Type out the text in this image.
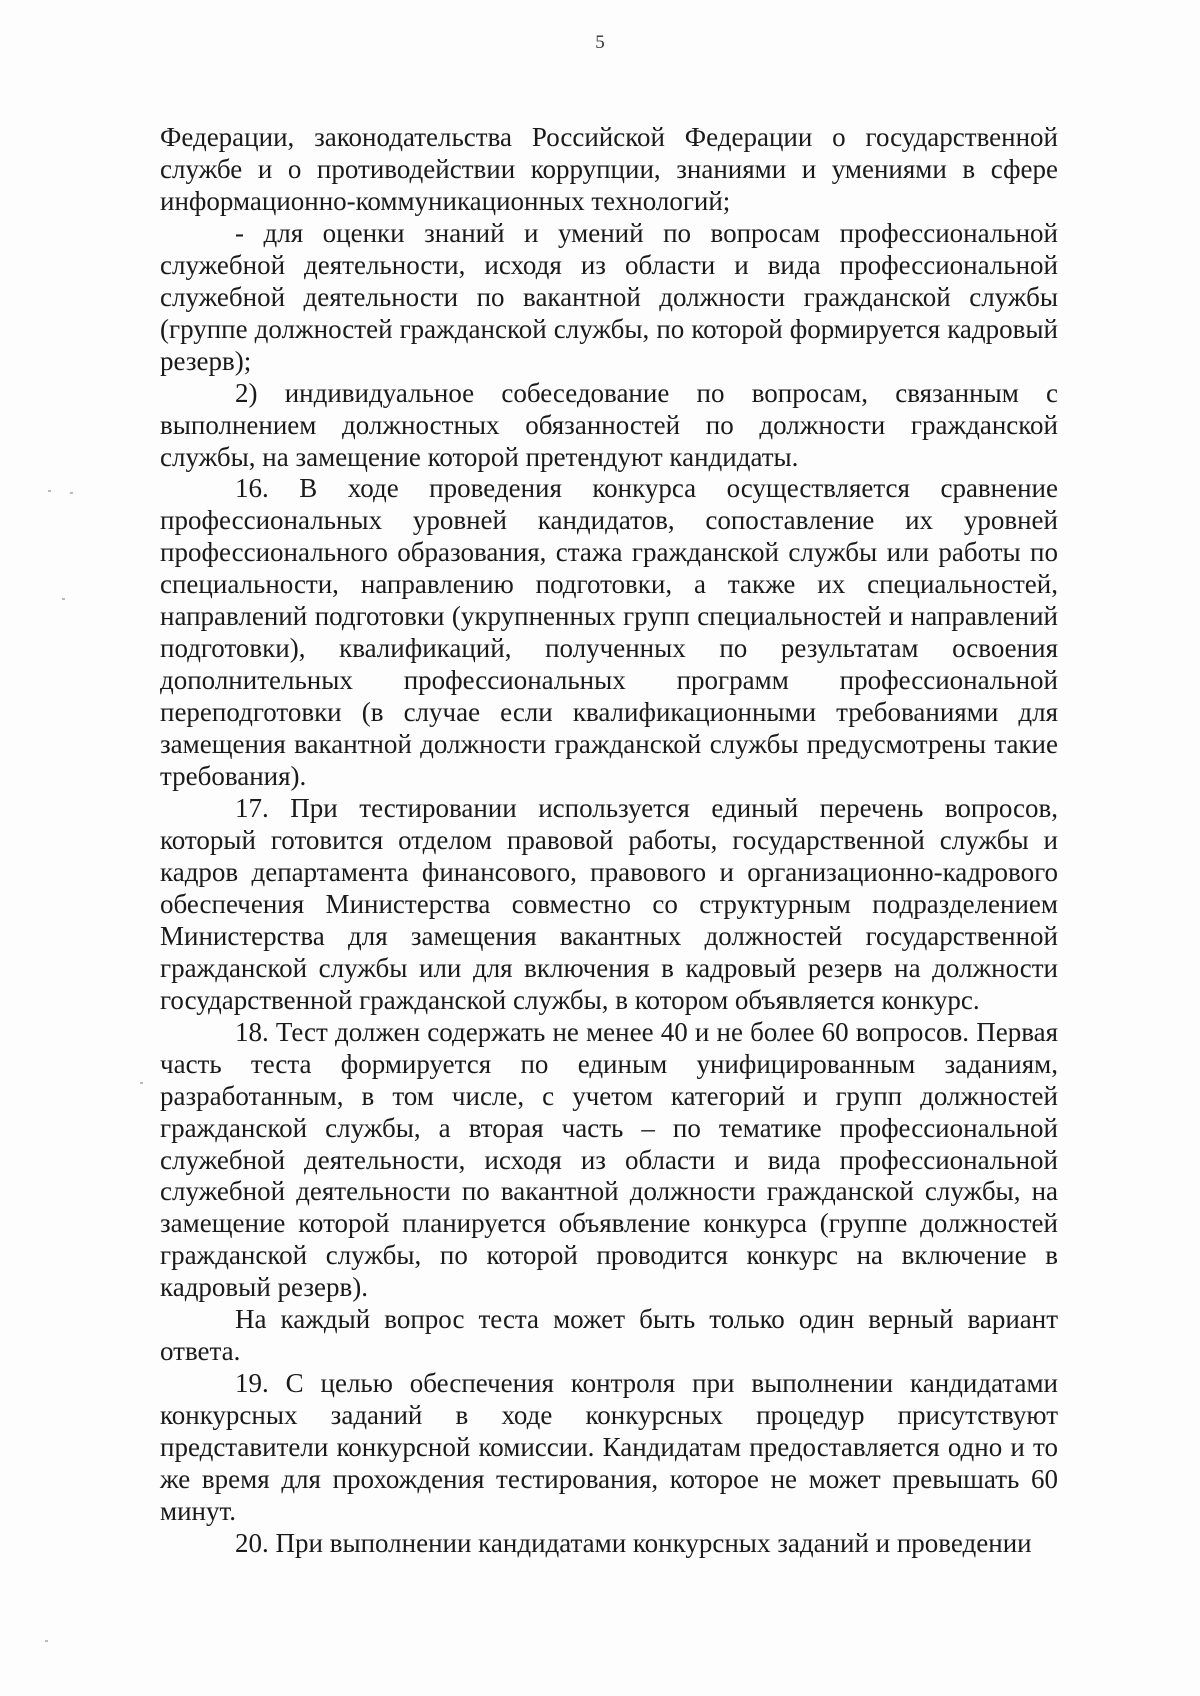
5

Федерации, законодательства Российской Федерации о государственной службе и о противодействии коррупции, знаниями и умениями в сфере информационно-коммуникационных технологий;

- для оценки знаний и умений по вопросам профессиональной служебной деятельности, исходя из области и вида профессиональной служебной деятельности по вакантной должности гражданской службы (группе должностей гражданской службы, по которой формируется кадровый резерв);

2) индивидуальное собеседование по вопросам, связанным с выполнением должностных обязанностей по должности гражданской службы, на замещение которой претендуют кандидаты.

16. В ходе проведения конкурса осуществляется сравнение профессиональных уровней кандидатов, сопоставление их уровней профессионального образования, стажа гражданской службы или работы по специальности, направлению подготовки, а также их специальностей, направлений подготовки (укрупненных групп специальностей и направлений подготовки), квалификаций, полученных по результатам освоения дополнительных профессиональных программ профессиональной переподготовки (в случае если квалификационными требованиями для замещения вакантной должности гражданской службы предусмотрены такие требования).

17. При тестировании используется единый перечень вопросов, который готовится отделом правовой работы, государственной службы и кадров департамента финансового, правового и организационно-кадрового обеспечения Министерства совместно со структурным подразделением Министерства для замещения вакантных должностей государственной гражданской службы или для включения в кадровый резерв на должности государственной гражданской службы, в котором объявляется конкурс.

18. Тест должен содержать не менее 40 и не более 60 вопросов. Первая часть теста формируется по единым унифицированным заданиям, разработанным, в том числе, с учетом категорий и групп должностей гражданской службы, а вторая часть – по тематике профессиональной служебной деятельности, исходя из области и вида профессиональной служебной деятельности по вакантной должности гражданской службы, на замещение которой планируется объявление конкурса (группе должностей гражданской службы, по которой проводится конкурс на включение в кадровый резерв).

На каждый вопрос теста может быть только один верный вариант ответа.

19. С целью обеспечения контроля при выполнении кандидатами конкурсных заданий в ходе конкурсных процедур присутствуют представители конкурсной комиссии. Кандидатам предоставляется одно и то же время для прохождения тестирования, которое не может превышать 60 минут.

20. При выполнении кандидатами конкурсных заданий и проведении
